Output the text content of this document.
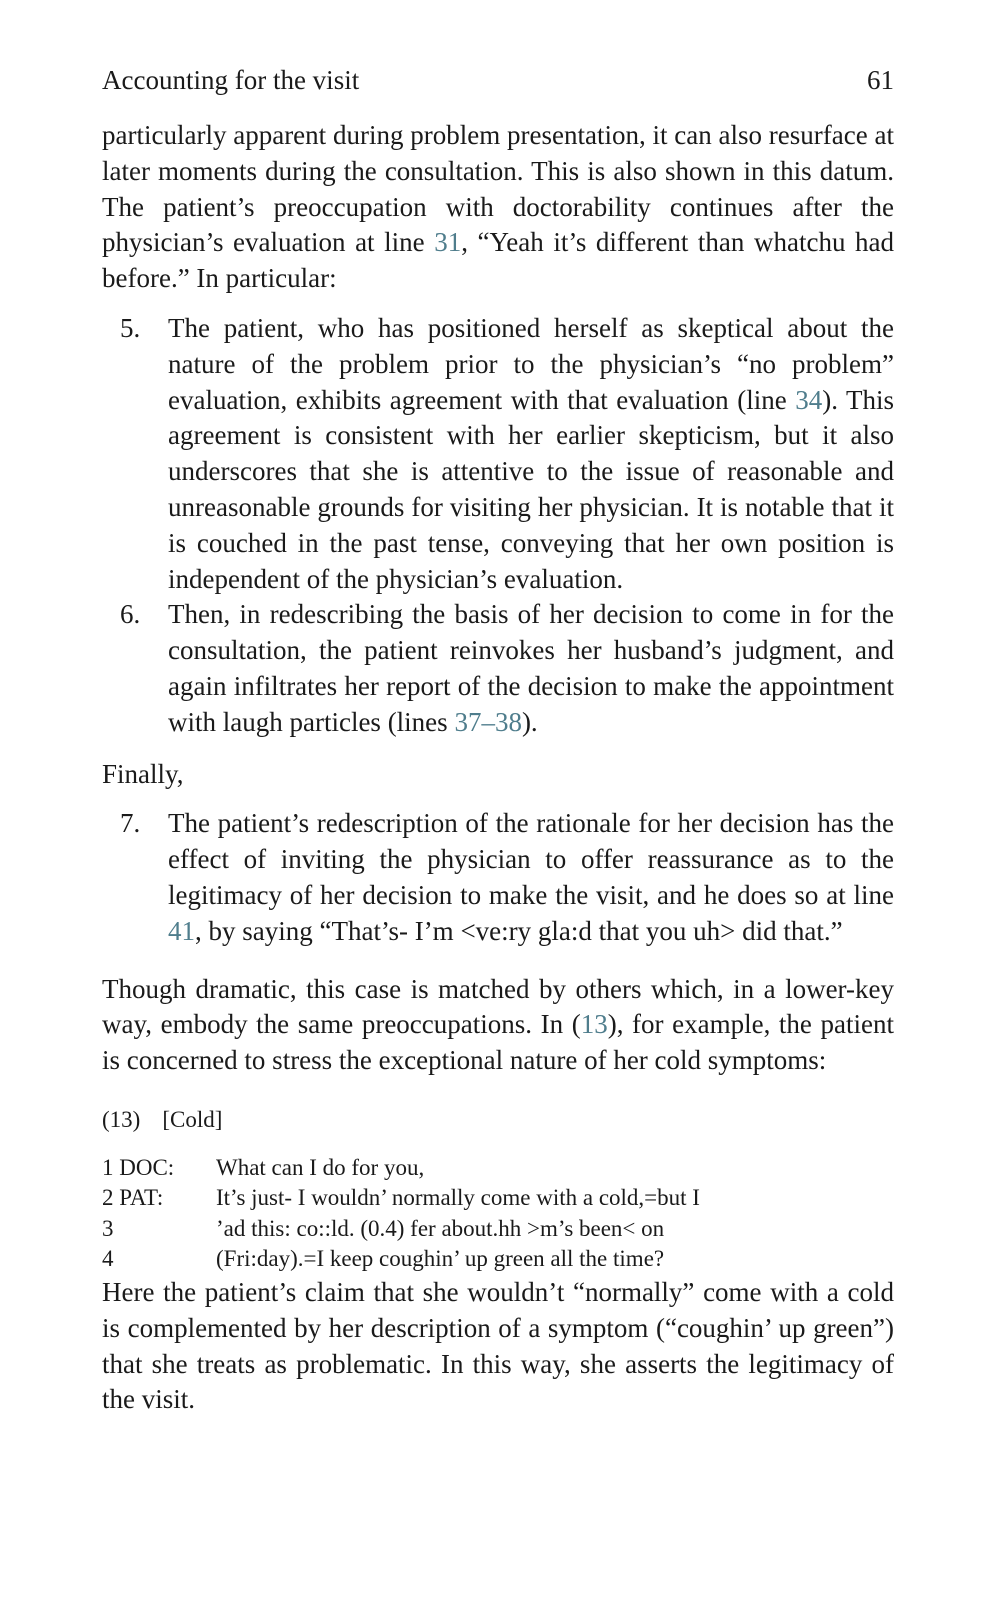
Accounting for the visit	61

particularly apparent during problem presentation, it can also resurface at later moments during the consultation. This is also shown in this datum. The patient’s preoccupation with doctorability continues after the physician’s evaluation at line 31, “Yeah it’s different than whatchu had before.” In particular:

5. The patient, who has positioned herself as skeptical about the nature of the problem prior to the physician’s “no problem” evaluation, exhibits agreement with that evaluation (line 34). This agreement is consistent with her earlier skepticism, but it also underscores that she is attentive to the issue of reasonable and unreasonable grounds for visiting her physician. It is notable that it is couched in the past tense, conveying that her own position is independent of the physician’s evaluation.
6. Then, in redescribing the basis of her decision to come in for the consultation, the patient reinvokes her husband’s judgment, and again infiltrates her report of the decision to make the appointment with laugh particles (lines 37–38).

Finally,

7. The patient’s redescription of the rationale for her decision has the effect of inviting the physician to offer reassurance as to the legitimacy of her decision to make the visit, and he does so at line 41, by saying “That’s- I’m <ve:ry gla:d that you uh> did that.”

Though dramatic, this case is matched by others which, in a lower-key way, embody the same preoccupations. In (13), for example, the patient is concerned to stress the exceptional nature of her cold symptoms:

(13) [Cold]
1 DOC:	What can I do for you,
2 PAT:	It’s just- I wouldn’ normally come with a cold,=but I
3	’ad this: co::ld. (0.4) fer about.hh >m’s been< on
4	(Fri:day).=I keep coughin’ up green all the time?

Here the patient’s claim that she wouldn’t “normally” come with a cold is complemented by her description of a symptom (“coughin’ up green”) that she treats as problematic. In this way, she asserts the legitimacy of the visit.
